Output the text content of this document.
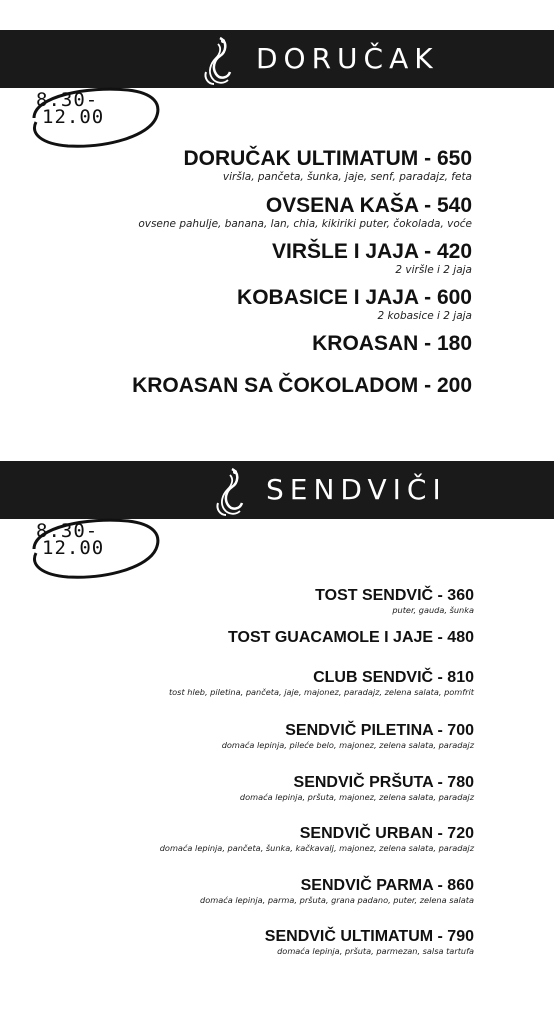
DORUČAK
8.30-
12.00
DORUČAK ULTIMATUM - 650
viršla, pančeta, šunka, jaje, senf, paradajz, feta
OVSENA KAŠA - 540
ovsene pahulje, banana, lan, chia, kikiriki puter, čokolada, voće
VIRŠLE I JAJA - 420
2 viršle i 2 jaja
KOBASICE I JAJA - 600
2 kobasice i 2 jaja
KROASAN - 180
KROASAN SA ČOKOLADOM - 200
SENDVIČI
8.30-
12.00
TOST SENDVIČ - 360
puter, gauda, šunka
TOST GUACAMOLE I JAJE - 480
CLUB SENDVIČ - 810
tost hleb, piletina, pančeta, jaje, majonez, paradajz, zelena salata, pomfrit
SENDVIČ PILETINA - 700
domaća lepinja, pileće belo, majonez, zelena salata, paradajz
SENDVIČ PRŠUTA - 780
domaća lepinja, pršuta, majonez, zelena salata, paradajz
SENDVIČ URBAN - 720
domaća lepinja, pančeta, šunka, kačkavalj, majonez, zelena salata, paradajz
SENDVIČ PARMA - 860
domaća lepinja, parma, pršuta, grana padano, puter, zelena salata
SENDVIČ ULTIMATUM - 790
domaća lepinja, pršuta, parmezan, salsa tartufa
